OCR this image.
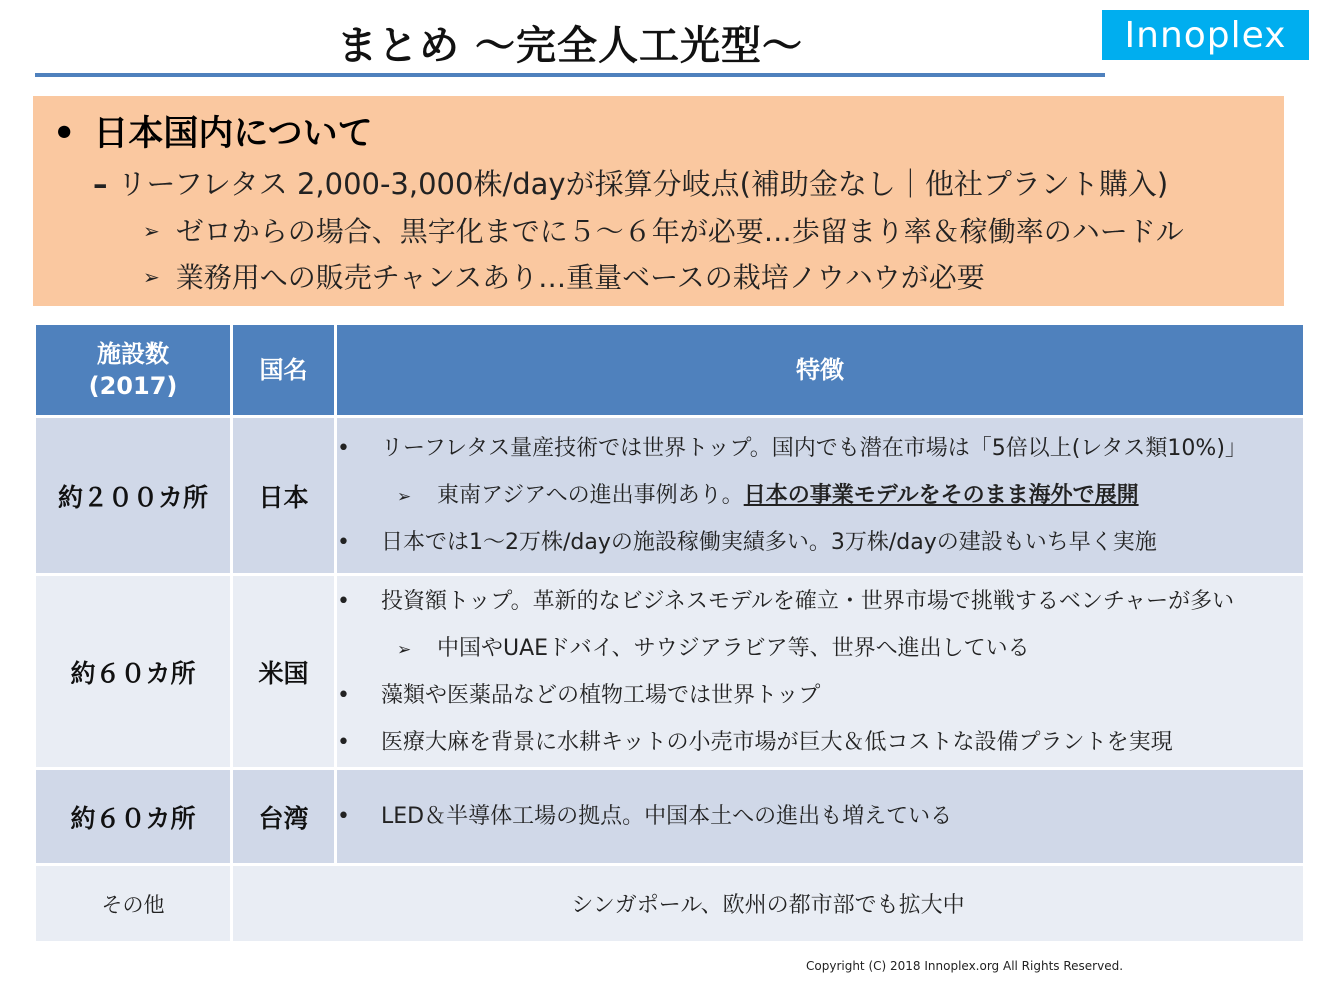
まとめ ～完全人工光型～	Innoplex
• 日本国内について
– リーフレタス 2,000-3,000株/dayが採算分岐点(補助金なし｜他社プラント購入)
➢ ゼロからの場合、黒字化までに５～６年が必要…歩留まり率＆稼働率のハードル
➢ 業務用への販売チャンスあり…重量ベースの栽培ノウハウが必要
施設数
(2017)	国名	特徴
約２００カ所	日本	• リーフレタス量産技術では世界トップ。国内でも潜在市場は「5倍以上(レタス類10%)」
➢ 東南アジアへの進出事例あり。日本の事業モデルをそのまま海外で展開
• 日本では1～2万株/dayの施設稼働実績多い。3万株/dayの建設もいち早く実施

約６０カ所	米国	• 投資額トップ。革新的なビジネスモデルを確立・世界市場で挑戦するベンチャーが多い
➢ 中国やUAEドバイ、サウジアラビア等、世界へ進出している
• 藻類や医薬品などの植物工場では世界トップ
• 医療大麻を背景に水耕キットの小売市場が巨大＆低コストな設備プラントを実現

約６０カ所	台湾	• LED＆半導体工場の拠点。中国本土への進出も増えている

その他	シンガポール、欧州の都市部でも拡大中	
Copyright (C) 2018 Innoplex.org All Rights Reserved.
